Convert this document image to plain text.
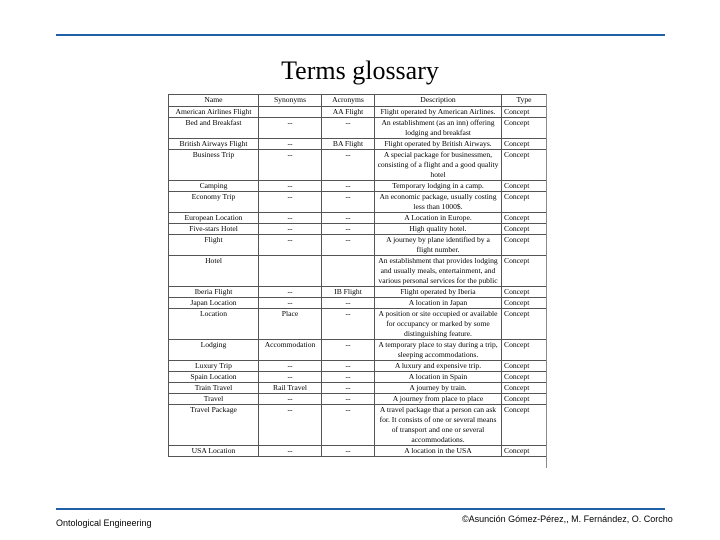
Terms glossary
Name	Synonyms	Acronyms	Description	Type
American Airlines Flight		AA Flight	Flight operated by American Airlines.	Concept
Bed and Breakfast	--	--	An establishment (as an inn) offering lodging and breakfast	Concept
British Airways Flight	--	BA Flight	Flight operated by British Airways.	Concept
Business Trip	--	--	A special package for businessmen, consisting of a flight and a good quality hotel	Concept
Camping	--	--	Temporary lodging in a camp.	Concept
Economy Trip	--	--	An economic package, usually costing less than 1000$.	Concept
European Location	--	--	A Location in Europe.	Concept
Five-stars Hotel	--	--	High quality hotel.	Concept
Flight	--	--	A journey by plane identified by a flight number.	Concept
Hotel			An establishment that provides lodging and usually meals, entertainment, and various personal services for the public	Concept
Iberia Flight	--	IB Flight	Flight operated by Iberia	Concept
Japan Location	--	--	A location in Japan	Concept
Location	Place	--	A position or site occupied or available for occupancy or marked by some distinguishing feature.	Concept
Lodging	Accommodation	--	A temporary place to stay during a trip, sleeping accommodations.	Concept
Luxury Trip	--	--	A luxury and expensive trip.	Concept
Spain Location	--	--	A location in Spain	Concept
Train Travel	Rail Travel	--	A journey by train.	Concept
Travel	--	--	A journey from place to place	Concept
Travel Package	--	--	A travel package that a person can ask for. It consists of one or several means of transport and one or several accommodations.	Concept
USA Location	--	--	A location in the USA	Concept
Ontological Engineering	©Asunción Gómez-Pérez,, M. Fernández, O. Corcho
